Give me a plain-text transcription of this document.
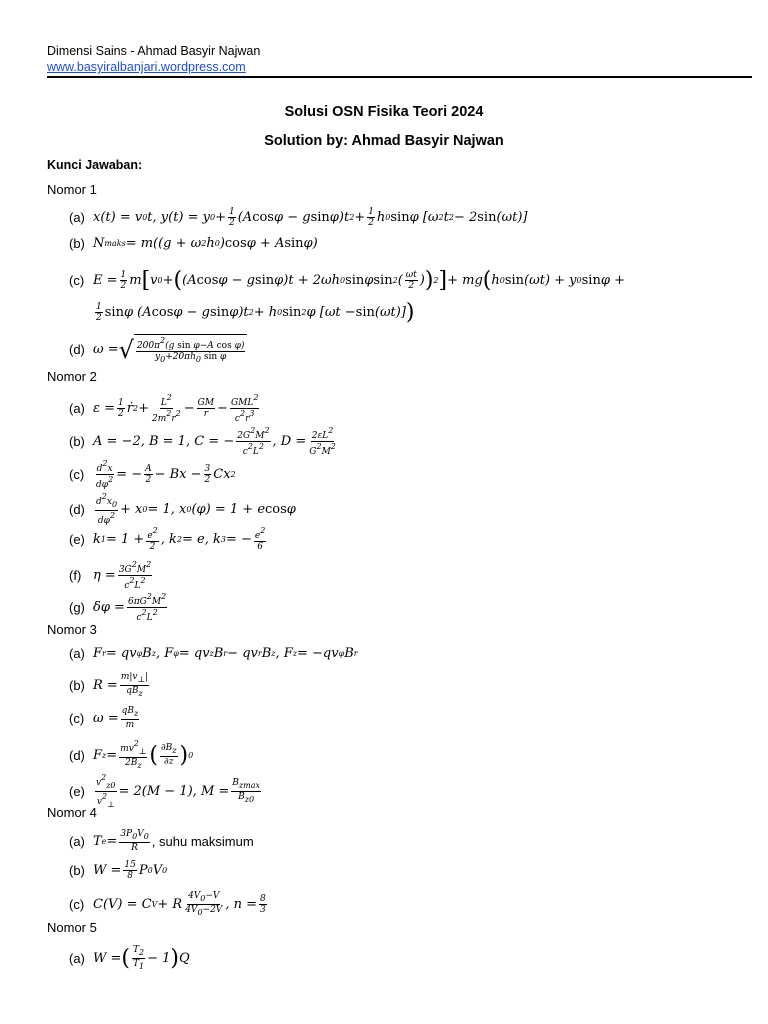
Dimensi Sains - Ahmad Basyir Najwan
www.basyiralbanjari.wordpress.com
Solusi OSN Fisika Teori 2024
Solution by: Ahmad Basyir Najwan
Kunci Jawaban:
Nomor 1
(a) x(t) = v 0 t, y(t) = y 0 + 1
2 (A cos φ − g sin φ)t 2 + 1
2 h 0 sin φ [ω 2 t 2 − 2 sin (ωt)]
(b) N maks = m((g + ω 2 h 0 ) cos φ + A sin φ)
(c) E = 1
2 m [ v 0 + ( (A cos φ − g sin φ)t + 2ωh 0 sin φ sin 2 ( ωt
2 ) ) 2 ] + mg ( h 0 sin (ωt) + y 0 sin φ +
1
2 sin φ (A cos φ − g sin φ)t 2 + h 0 sin 2 φ [ωt − sin (ωt)] )
(d) ω = √ $\frac{\text{200π2(g sin φ−A cos φ)}}{\text{y0+20πh0 sin φ}}$
Nomor 2
(a) ε = 1
2 ṙ 2 + L2
2m2r2 − GM
r − GML2
c2r3
(b) A = −2, B = 1, C = − 2G2M2
c2L2 , D = 2εL2
G2M2
(c)	d2x
dφ2 = − A
2 − Bx − 3
2 Cx 2
(d)	d2x0
dφ2 + x 0 = 1, x 0 (φ) = 1 + e cos φ
(e) k 1 = 1 + e2
2
, k 2 = e, k 3 = − e2
6
(f) η = 3G2M2
c2L2
(g) δφ = 6πG2M2
c2L2
Nomor 3
(a) F r = qv φ B z , F φ = qv z B r − qv r B z , F z = −qv φ B r
(b) R =
m|v⊥|
qBz
(c) ω = qBz
m
(d) F z = mv2⊥
2Bz ( ∂Bz
∂z ) 0
(e)
v2z0
v2⊥
= 2(M − 1), M =
Bzmax
Bz0
Nomor 4
(a) T e = 3P0V0
R , suhu maksimum
(b) W = 15
8 P 0 V 0
(c) C(V) = C V + R
4V0−V
4V0−2V , n = 8
3
Nomor 5
(a) W = ( T2
T1
− 1 ) Q
